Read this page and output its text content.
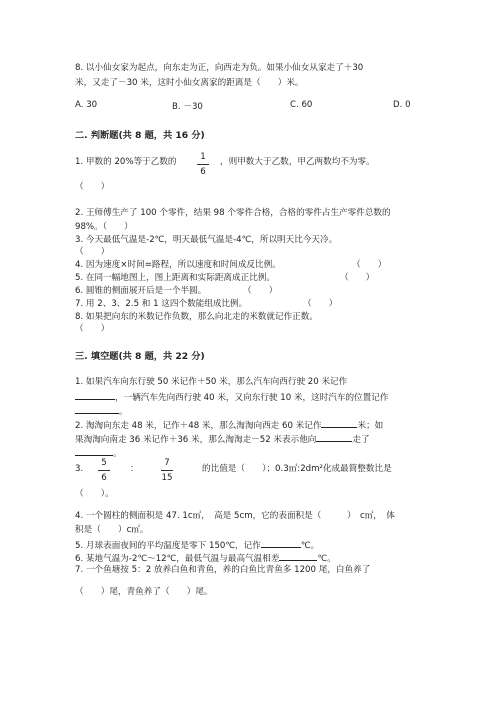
8. 以小仙女家为起点，向东走为正，向西走为负。如果小仙女从家走了＋30
米，又走了－30 米，这时小仙女离家的距离是（　　）米。
A. 30	B. －30	C. 60	D. 0
二. 判断题(共 8 题，共 16 分)
1. 甲数的 20%等于乙数的	1
6
，则甲数大于乙数，甲乙两数均不为零。
（　　）
2. 王师傅生产了 100 个零件，结果 98 个零件合格，合格的零件占生产零件总数的
98%。（　　）
3. 今天最低气温是-2℃，明天最低气温是-4℃，所以明天比今天冷。
（　　）
4. 因为速度×时间=路程，所以速度和时间成反比例。	（　　）
5. 在同一幅地图上，图上距离和实际距离成正比例。	（　　）
6. 圆锥的侧面展开后是一个半圆。	（　　）
7. 用 2、3、2.5 和 1 这四个数能组成比例。	（　　）
8. 如果把向东的米数记作负数，那么向北走的米数就记作正数。
（　　）
三. 填空题(共 8 题，共 22 分)
1. 如果汽车向东行驶 50 米记作＋50 米，那么汽车向西行驶 20 米记作
，一辆汽车先向西行驶 40 米，又向东行驶 10 米，这时汽车的位置记作
。
2. 淘淘向东走 48 米，记作＋48 米，那么淘淘向西走 60 米记作	米；如
果淘淘向南走 36 米记作＋36 米，那么淘淘走－52 米表示他向	走了
。
3.
5
6
：
7
15
的比值是（　　）；0.3㎡:2dm²化成最简整数比是
（　　）。
4. 一个圆柱的侧面积是 47. 1c㎡，　高是 5cm，它的表面积是（　　　）　c㎡，　体
积是（　　）c㎡。
5. 月球表面夜间的平均温度是零下 150℃，记作	℃。
6. 某地气温为-2℃～12℃，最低气温与最高气温相差	℃。
7. 一个鱼塘按 5：2 放养白鱼和青鱼，养的白鱼比青鱼多 1200 尾，白鱼养了
（　　）尾，青鱼养了（　　）尾。
